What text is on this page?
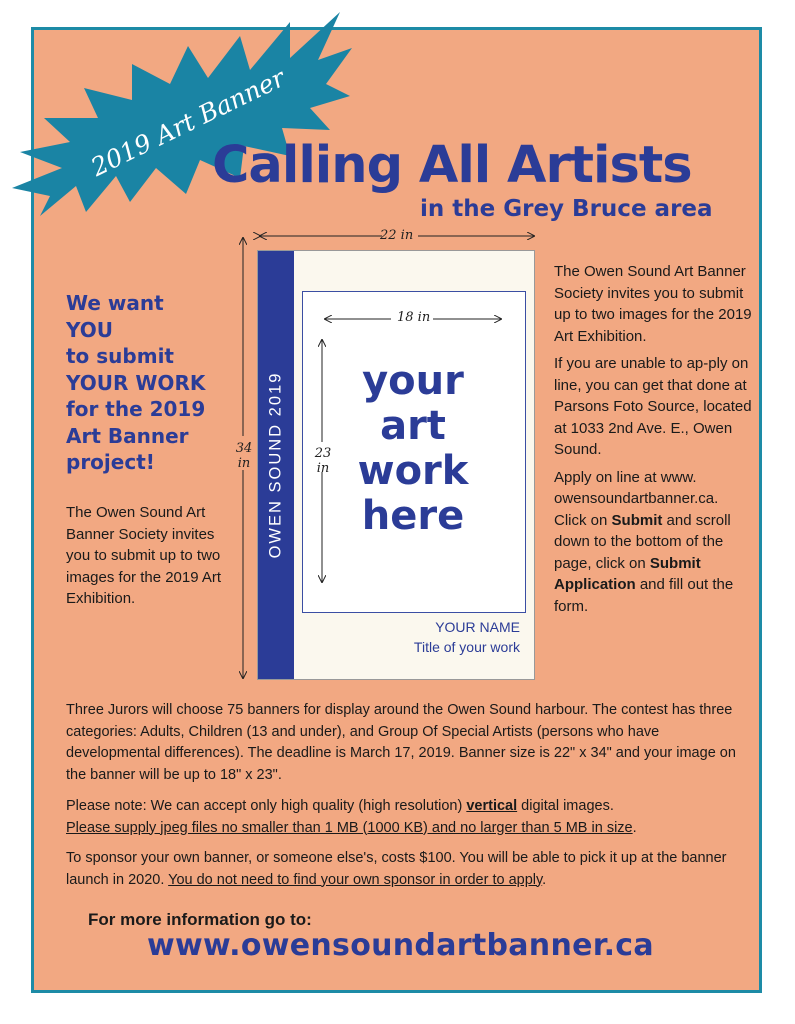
2019 Art Banner
Calling All Artists
in the Grey Bruce area
We want
YOU
to submit
YOUR WORK
for the 2019
Art Banner
project!
The Owen Sound Art Banner Society invites you to submit up to two images for the 2019 Art Exhibition.
22 in
34
in OWEN SOUND 2019
18 in
23
in
your
art
work
here
YOUR NAME
Title of your work

The Owen Sound Art Banner Society invites you to submit up to two images for the 2019 Art Exhibition.

If you are unable to ap-ply on line, you can get that done at Parsons Foto Source, located at 1033 2nd Ave. E., Owen Sound.

Apply on line at www. owensoundartbanner.ca. Click on Submit and scroll down to the bottom of the page, click on Submit Application and fill out the form.

Three Jurors will choose 75 banners for display around the Owen Sound harbour. The contest has three categories: Adults, Children (13 and under), and Group Of Special Artists (persons who have developmental differences). The deadline is March 17, 2019. Banner size is 22" x 34" and your image on the banner will be up to 18" x 23".

Please note: We can accept only high quality (high resolution) vertical digital images.

Please supply jpeg files no smaller than 1 MB (1000 KB) and no larger than 5 MB in size.

To sponsor your own banner, or someone else's, costs $100. You will be able to pick it up at the banner launch in 2020. You do not need to find your own sponsor in order to apply.
For more information go to:
www.owensoundartbanner.ca
